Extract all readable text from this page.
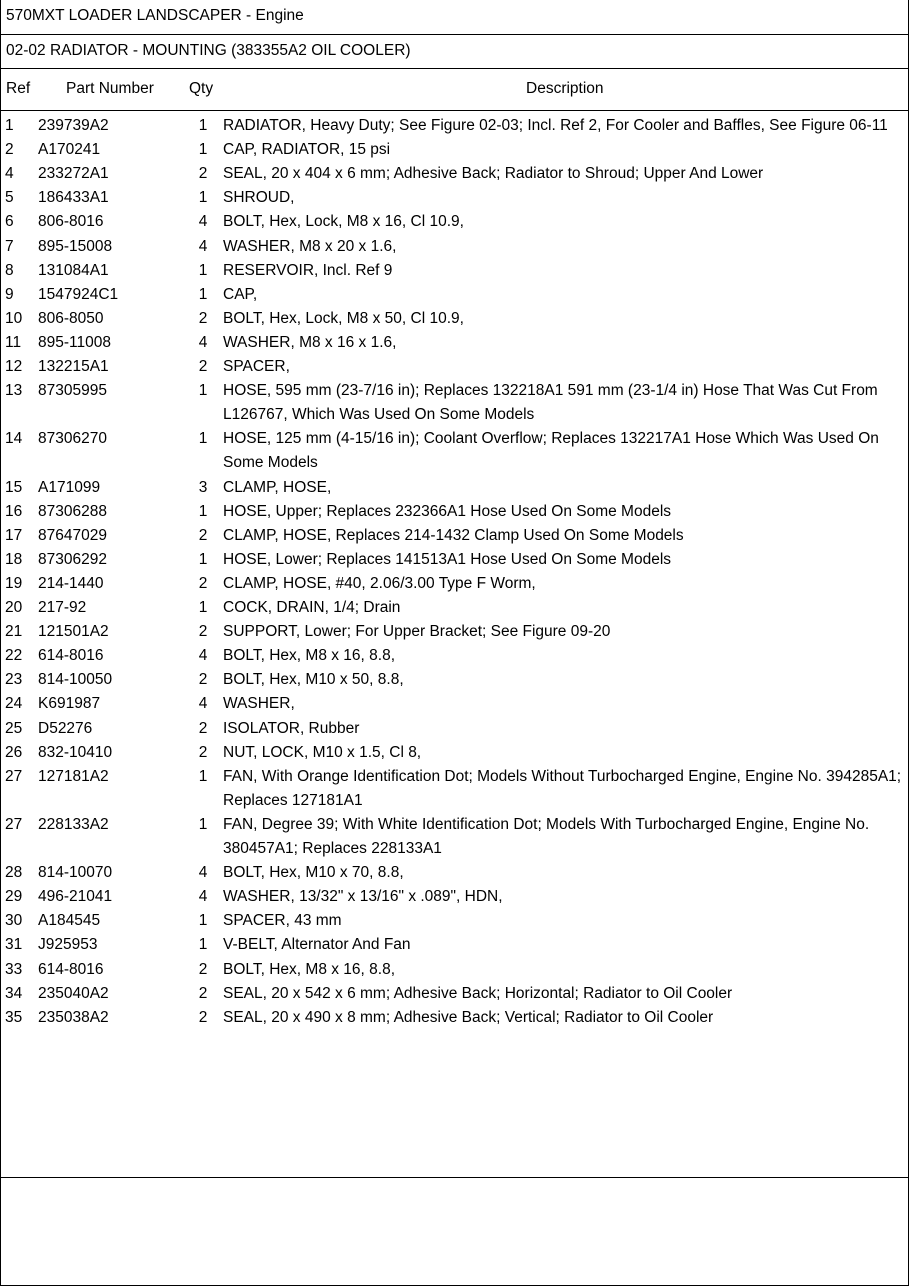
570MXT LOADER LANDSCAPER - Engine
02-02 RADIATOR - MOUNTING (383355A2 OIL COOLER)
Ref Part Number Qty	Description
1 239739A2	1 RADIATOR, Heavy Duty; See Figure 02-03; Incl. Ref 2, For Cooler and Baffles, See Figure 06-11
2 A170241	1 CAP, RADIATOR, 15 psi
4 233272A1	2 SEAL, 20 x 404 x 6 mm; Adhesive Back; Radiator to Shroud; Upper And Lower
5 186433A1	1 SHROUD,
6 806-8016	4 BOLT, Hex, Lock, M8 x 16, Cl 10.9,
7 895-15008	4 WASHER, M8 x 20 x 1.6,
8 131084A1	1 RESERVOIR, Incl. Ref 9
9 1547924C1	1 CAP,
10 806-8050	2 BOLT, Hex, Lock, M8 x 50, Cl 10.9,
11 895-11008	4 WASHER, M8 x 16 x 1.6,
12 132215A1	2 SPACER,
13 87305995	1 HOSE, 595 mm (23-7/16 in); Replaces 132218A1 591 mm (23-1/4 in) Hose That Was Cut From L126767, Which Was Used On Some Models
14 87306270	1 HOSE, 125 mm (4-15/16 in); Coolant Overflow; Replaces 132217A1 Hose Which Was Used On Some Models
15 A171099	3 CLAMP, HOSE,
16 87306288	1 HOSE, Upper; Replaces 232366A1 Hose Used On Some Models
17 87647029	2 CLAMP, HOSE, Replaces 214-1432 Clamp Used On Some Models
18 87306292	1 HOSE, Lower; Replaces 141513A1 Hose Used On Some Models
19 214-1440	2 CLAMP, HOSE, #40, 2.06/3.00 Type F Worm,
20 217-92	1 COCK, DRAIN, 1/4; Drain
21 121501A2	2 SUPPORT, Lower; For Upper Bracket; See Figure 09-20
22 614-8016	4 BOLT, Hex, M8 x 16, 8.8,
23 814-10050	2 BOLT, Hex, M10 x 50, 8.8,
24 K691987	4 WASHER,
25 D52276	2 ISOLATOR, Rubber
26 832-10410	2 NUT, LOCK, M10 x 1.5, Cl 8,
27 127181A2	1 FAN, With Orange Identification Dot; Models Without Turbocharged Engine, Engine No. 394285A1; Replaces 127181A1
27 228133A2	1 FAN, Degree 39; With White Identification Dot; Models With Turbocharged Engine, Engine No. 380457A1; Replaces 228133A1
28 814-10070	4 BOLT, Hex, M10 x 70, 8.8,
29 496-21041	4 WASHER, 13/32" x 13/16" x .089", HDN,
30 A184545	1 SPACER, 43 mm
31 J925953	1 V-BELT, Alternator And Fan
33 614-8016	2 BOLT, Hex, M8 x 16, 8.8,
34 235040A2	2 SEAL, 20 x 542 x 6 mm; Adhesive Back; Horizontal; Radiator to Oil Cooler
35 235038A2	2 SEAL, 20 x 490 x 8 mm; Adhesive Back; Vertical; Radiator to Oil Cooler
